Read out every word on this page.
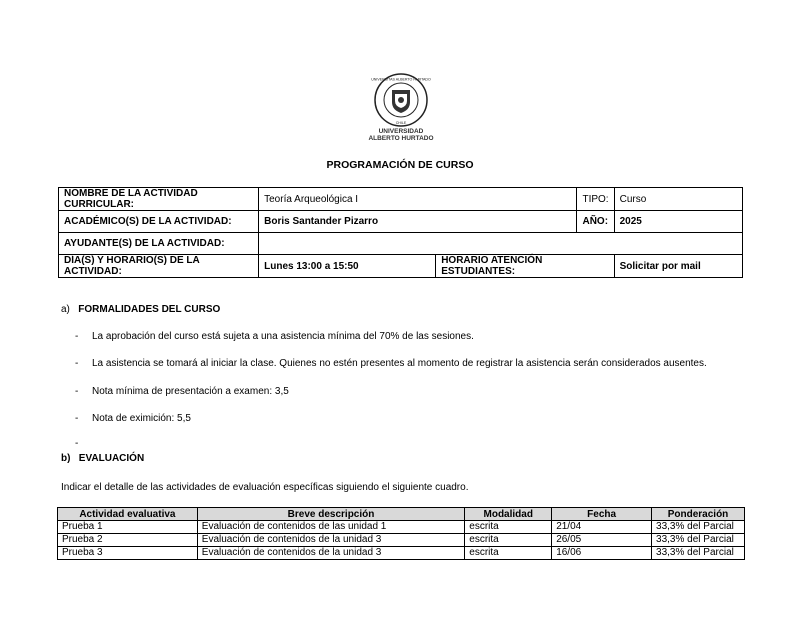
UNIVERSITAS ALBERTO HURTADO
CHILE
UNIVERSIDAD
ALBERTO HURTADO
PROGRAMACIÓN DE CURSO
NOMBRE DE LA ACTIVIDAD CURRICULAR:	Teoría Arqueológica I		TIPO:	Curso
ACADÉMICO(S) DE LA ACTIVIDAD:	Boris Santander Pizarro		AÑO:	2025
AYUDANTE(S) DE LA ACTIVIDAD:				
DÍA(S) Y HORARIO(S) DE LA ACTIVIDAD:	Lunes 13:00 a 15:50	HORARIO ATENCIÓN ESTUDIANTES:		Solicitar por mail
a) FORMALIDADES DEL CURSO
- La aprobación del curso está sujeta a una asistencia mínima del 70% de las sesiones.
- La asistencia se tomará al iniciar la clase. Quienes no estén presentes al momento de registrar la asistencia serán considerados ausentes.
- Nota mínima de presentación a examen: 3,5
- Nota de eximición: 5,5
-
b) EVALUACIÓN
Indicar el detalle de las actividades de evaluación específicas siguiendo el siguiente cuadro.
Actividad evaluativa	Breve descripción	Modalidad	Fecha	Ponderación
Prueba 1	Evaluación de contenidos de las unidad 1	escrita	21/04	33,3% del Parcial
Prueba 2	Evaluación de contenidos de la unidad 3	escrita	26/05	33,3% del Parcial
Prueba 3	Evaluación de contenidos de la unidad 3	escrita	16/06	33,3% del Parcial
